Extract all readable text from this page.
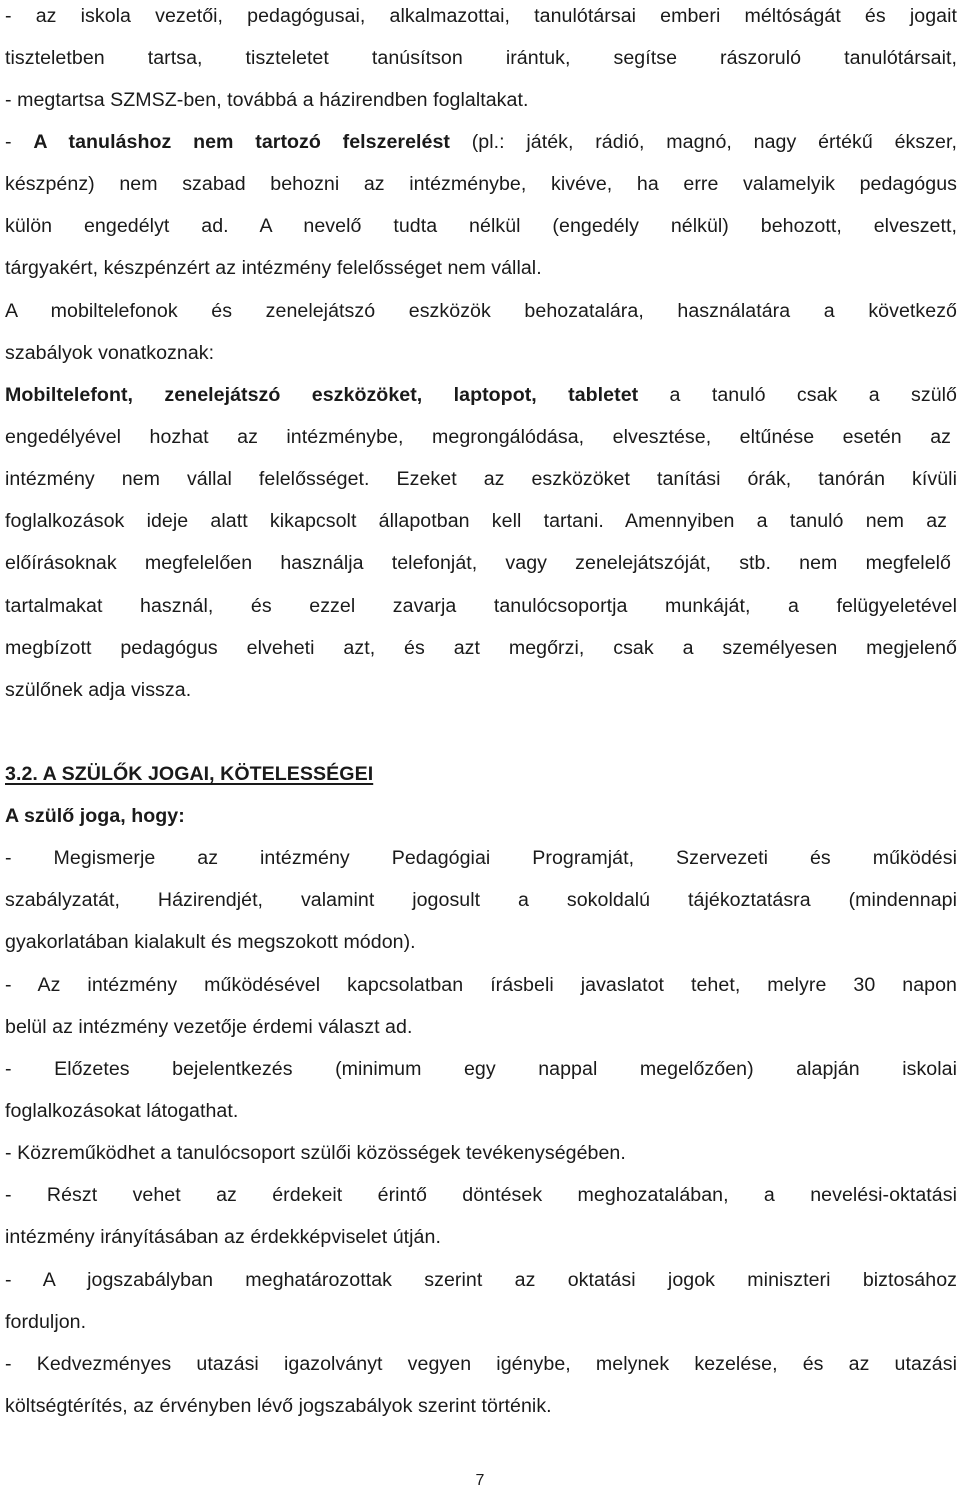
- az iskola vezetői, pedagógusai, alkalmazottai, tanulótársai emberi méltóságát és jogait
tiszteletben tartsa, tiszteletet tanúsítson irántuk, segítse rászoruló tanulótársait,
- megtartsa SZMSZ-ben, továbbá a házirendben foglaltakat.
- A tanuláshoz nem tartozó felszerelést (pl.: játék, rádió, magnó, nagy értékű ékszer,
készpénz) nem szabad behozni az intézménybe, kivéve, ha erre valamelyik pedagógus
külön engedélyt ad. A nevelő tudta nélkül (engedély nélkül) behozott, elveszett,
tárgyakért, készpénzért az intézmény felelősséget nem vállal.
A mobiltelefonok és zenelejátszó eszközök behozatalára, használatára a következő
szabályok vonatkoznak:
Mobiltelefont, zenelejátszó eszközöket, laptopot, tabletet a tanuló csak a szülő
engedélyével hozhat az intézménybe, megrongálódása, elvesztése, eltűnése esetén az
intézmény nem vállal felelősséget. Ezeket az eszközöket tanítási órák, tanórán kívüli
foglalkozások ideje alatt kikapcsolt állapotban kell tartani. Amennyiben a tanuló nem az
előírásoknak megfelelően használja telefonját, vagy zenelejátszóját, stb. nem megfelelő
tartalmakat használ, és ezzel zavarja tanulócsoportja munkáját, a felügyeletével
megbízott pedagógus elveheti azt, és azt megőrzi, csak a személyesen megjelenő
szülőnek adja vissza.
3.2. A SZÜLŐK JOGAI, KÖTELESSÉGEI
A szülő joga, hogy:
- Megismerje az intézmény Pedagógiai Programját, Szervezeti és működési
szabályzatát, Házirendjét, valamint jogosult a sokoldalú tájékoztatásra (mindennapi
gyakorlatában kialakult és megszokott módon).
- Az intézmény működésével kapcsolatban írásbeli javaslatot tehet, melyre 30 napon
belül az intézmény vezetője érdemi választ ad.
- Előzetes bejelentkezés (minimum egy nappal megelőzően) alapján iskolai
foglalkozásokat látogathat.
- Közreműködhet a tanulócsoport szülői közösségek tevékenységében.
- Részt vehet az érdekeit érintő döntések meghozatalában, a nevelési-oktatási
intézmény irányításában az érdekképviselet útján.
- A jogszabályban meghatározottak szerint az oktatási jogok miniszteri biztosához
forduljon.
- Kedvezményes utazási igazolványt vegyen igénybe, melynek kezelése, és az utazási
költségtérítés, az érvényben lévő jogszabályok szerint történik.
7
